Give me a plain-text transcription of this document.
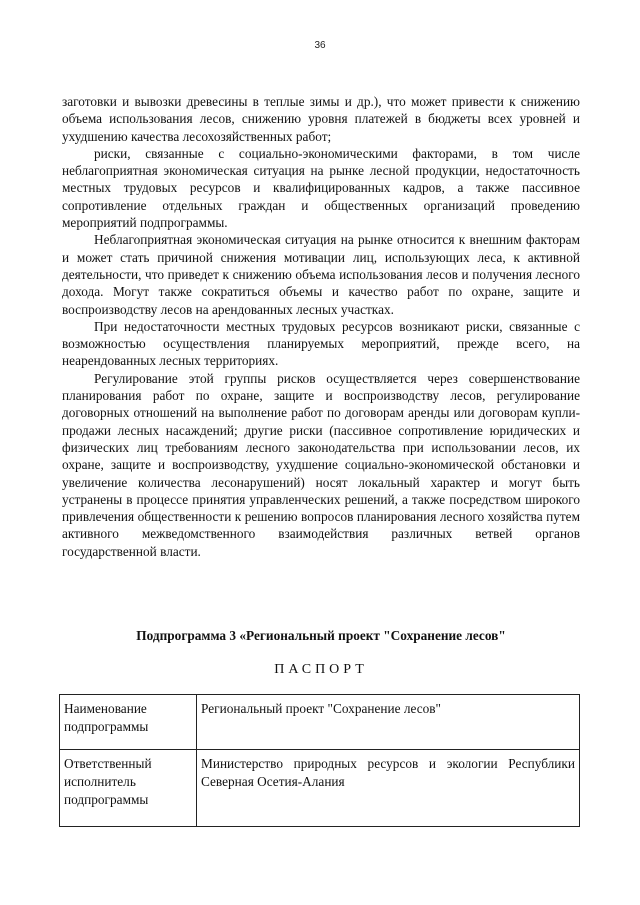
36

заготовки и вывозки древесины в теплые зимы и др.), что может привести к снижению объема использования лесов, снижению уровня платежей в бюджеты всех уровней и ухудшению качества лесохозяйственных работ;

риски, связанные с социально-экономическими факторами, в том числе неблагоприятная экономическая ситуация на рынке лесной продукции, недостаточность местных трудовых ресурсов и квалифицированных кадров, а также пассивное сопротивление отдельных граждан и общественных организаций проведению мероприятий подпрограммы.

Неблагоприятная экономическая ситуация на рынке относится к внешним факторам и может стать причиной снижения мотивации лиц, использующих леса, к активной деятельности, что приведет к снижению объема использования лесов и получения лесного дохода. Могут также сократиться объемы и качество работ по охране, защите и воспроизводству лесов на арендованных лесных участках.

При недостаточности местных трудовых ресурсов возникают риски, связанные с возможностью осуществления планируемых мероприятий, прежде всего, на неарендованных лесных территориях.

Регулирование этой группы рисков осуществляется через совершенствование планирования работ по охране, защите и воспроизводству лесов, регулирование договорных отношений на выполнение работ по договорам аренды или договорам купли-продажи лесных насаждений; другие риски (пассивное сопротивление юридических и физических лиц требованиям лесного законодательства при использовании лесов, их охране, защите и воспроизводству, ухудшение социально-экономической обстановки и увеличение количества лесонарушений) носят локальный характер и могут быть устранены в процессе принятия управленческих решений, а также посредством широкого привлечения общественности к решению вопросов планирования лесного хозяйства путем активного межведомственного взаимодействия различных ветвей органов государственной власти.

Подпрограмма 3 «Региональный проект "Сохранение лесов"
ПАСПОРТ
Наименование подпрограммы	Региональный проект "Сохранение лесов"
Ответственный исполнитель подпрограммы	Министерство природных ресурсов и экологии Республики Северная Осетия-Алания
